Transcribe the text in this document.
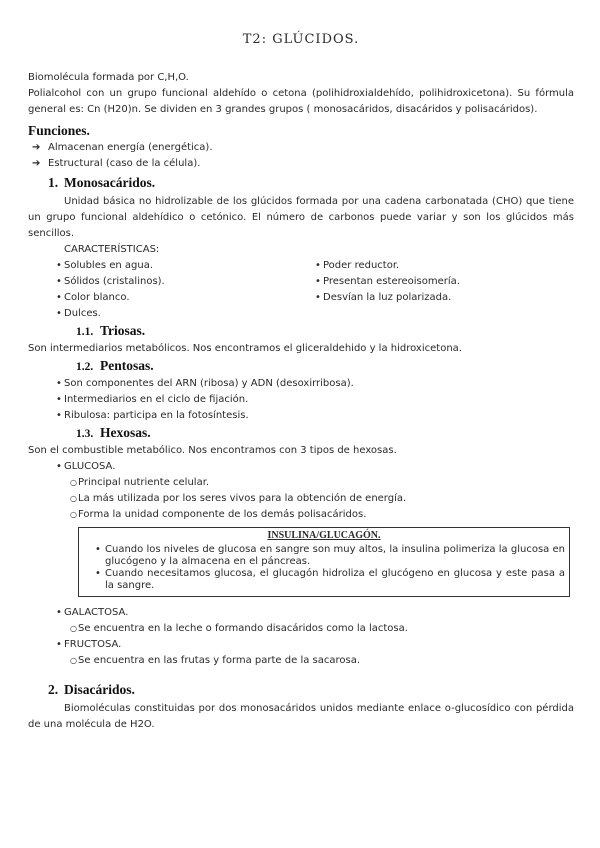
T2: GLÚCIDOS.

Biomolécula formada por C,H,O.

Polialcohol con un grupo funcional aldehído o cetona (polihidroxialdehído, polihidroxicetona). Su fórmula general es: Cn (H20)n. Se dividen en 3 grandes grupos ( monosacáridos, disacáridos y polisacáridos).

Funciones.
➔ Almacenan energía (energética).
➔ Estructural (caso de la célula).
1. Monosacáridos.

Unidad básica no hidrolizable de los glúcidos formada por una cadena carbonatada (CHO) que tiene un grupo funcional aldehídico o cetónico. El número de carbonos puede variar y son los glúcidos más sencillos.

CARACTERÍSTICAS:
• Solubles en agua.
• Sólidos (cristalinos).
• Color blanco.
• Dulces.
• Poder reductor.
• Presentan estereoisomería.
• Desvían la luz polarizada.
1.1. Triosas.

Son intermediarios metabólicos. Nos encontramos el gliceraldehido y la hidroxicetona.

1.2. Pentosas.
• Son componentes del ARN (ribosa) y ADN (desoxirribosa).
• Intermediarios en el ciclo de fijación.
• Ribulosa: participa en la fotosíntesis.
1.3. Hexosas.

Son el combustible metabólico. Nos encontramos con 3 tipos de hexosas.

• GLUCOSA.
○ Principal nutriente celular.
○ La más utilizada por los seres vivos para la obtención de energía.
○ Forma la unidad componente de los demás polisacáridos.
INSULINA/GLUCAGÓN.
• Cuando los niveles de glucosa en sangre son muy altos, la insulina polimeriza la glucosa en glucógeno y la almacena en el páncreas.
• Cuando necesitamos glucosa, el glucagón hidroliza el glucógeno en glucosa y este pasa a la sangre.
• GALACTOSA.
○ Se encuentra en la leche o formando disacáridos como la lactosa.
• FRUCTOSA.
○ Se encuentra en las frutas y forma parte de la sacarosa.
2. Disacáridos.

Biomoléculas constituidas por dos monosacáridos unidos mediante enlace o-glucosídico con pérdida de una molécula de H2O.
